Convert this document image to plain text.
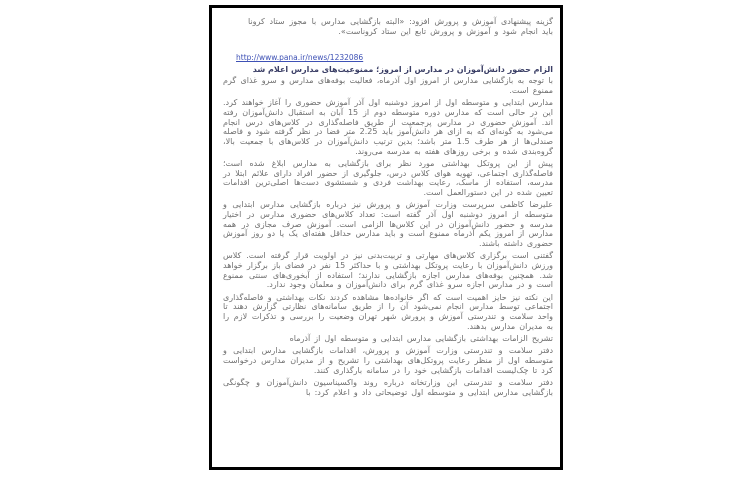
گزینه پیشنهادی آموزش و پرورش افزود: «البته بازگشایی مدارس با مجوز ستاد کرونا باید انجام شود و آموزش و پرورش تابع این ستاد کروناست».

http://www.pana.ir/news/1232086

الزام حضور دانش‌آموزان در مدارس از امروز؛ ممنوعیت‌های مدارس اعلام شد

با توجه به بازگشایی مدارس از امروز اول آذرماه، فعالیت بوفه‌های مدارس و سرو غذای گرم ممنوع است.

مدارس ابتدایی و متوسطه اول از امروز دوشنبه اول آذر آموزش حضوری را آغاز خواهند کرد. این در حالی است که مدارس دوره متوسطه دوم از 15 آبان به استقبال دانش‌آموزان رفته اند. آموزش حضوری در مدارس پرجمعیت از طریق فاصله‌گذاری در کلاس‌های درس انجام می‌شود به گونه‌ای که به ازای هر دانش‌آموز باید 2.25 متر فضا در نظر گرفته شود و فاصله صندلی‌ها از هر طرف 1.5 متر باشد؛ بدین ترتیب دانش‌آموزان در کلاس‌های با جمعیت بالا، گروه‌بندی شده و برخی روزهای هفته به مدرسه می‌روند.

پیش از این پروتکل بهداشتی مورد نظر برای بازگشایی به مدارس ابلاغ شده است؛ فاصله‌گذاری اجتماعی، تهویه هوای کلاس درس، جلوگیری از حضور افراد دارای علائم ابتلا در مدرسه، استفاده از ماسک، رعایت بهداشت فردی و شستشوی دست‌ها اصلی‌ترین اقدامات تعیین شده در این دستورالعمل است.

علیرضا کاظمی سرپرست وزارت آموزش و پرورش نیز درباره بازگشایی مدارس ابتدایی و متوسطه از امروز دوشنبه اول آذر گفته است: تعداد کلاس‌های حضوری مدارس در اختیار مدرسه و حضور دانش‌آموزان در این کلاس‌ها الزامی است. آموزش صرف مجازی در همه مدارس از امروز یکم آذرماه ممنوع است و باید مدارس حداقل هفته‌ای یک یا دو روز آموزش حضوری داشته باشند.

گفتنی است برگزاری کلاس‌های مهارتی و تربیت‌بدنی نیز در اولویت قرار گرفته است. کلاس ورزش دانش‌آموزان با رعایت پروتکل بهداشتی و با حداکثر 15 نفر در فضای باز برگزار خواهد شد. همچنین بوفه‌های مدارس اجازه بازگشایی ندارند؛ استفاده از آبخوری‌های سنتی ممنوع است و در مدارس اجازه سرو غذای گرم برای دانش‌آموزان و معلمان وجود ندارد.

این نکته نیز حایز اهمیت است که اگر خانواده‌ها مشاهده کردند نکات بهداشتی و فاصله‌گذاری اجتماعی توسط مدارس انجام نمی‌شود آن را از طریق سامانه‌های نظارتی گزارش دهند تا واحد سلامت و تندرستی آموزش و پرورش شهر تهران وضعیت را بررسی و تذکرات لازم را به مدیران مدارس بدهند.

تشریح الزامات بهداشتی بازگشایی مدارس ابتدایی و متوسطه اول از آذرماه

دفتر سلامت و تندرستی وزارت آموزش و پرورش، اقدامات بازگشایی مدارس ابتدایی و متوسطه اول از منظر رعایت پروتکل‌های بهداشتی را تشریح و از مدیران مدارس درخواست کرد تا چک‌لیست اقدامات بازگشایی خود را در سامانه بارگذاری کنند.

دفتر سلامت و تندرستی این وزارتخانه درباره روند واکسیناسیون دانش‌آموزان و چگونگی بازگشایی مدارس ابتدایی و متوسطه اول توضیحاتی داد و اعلام کرد: با
